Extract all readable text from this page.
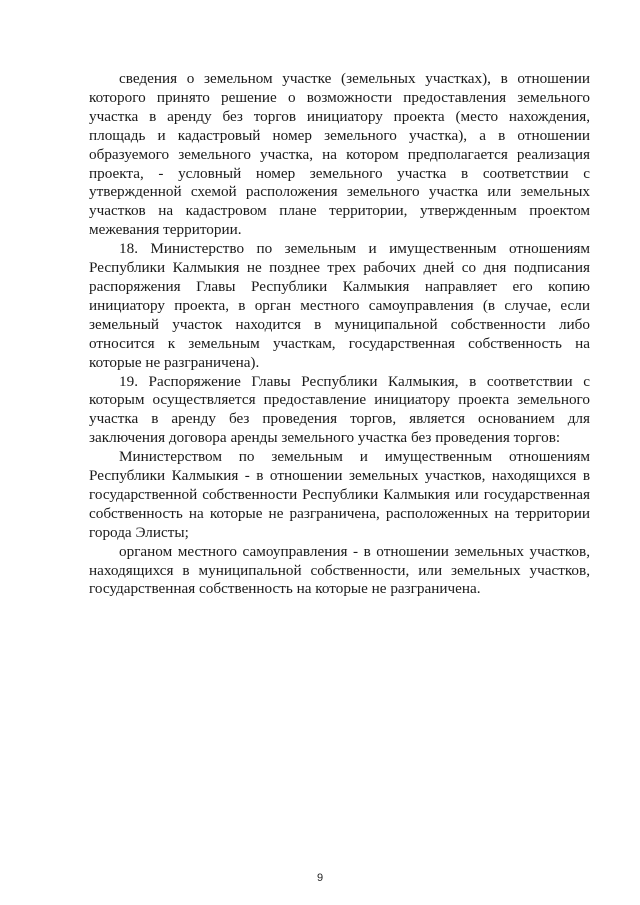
сведения о земельном участке (земельных участках), в отношении которого принято решение о возможности предоставления земельного участка в аренду без торгов инициатору проекта (место нахождения, площадь и кадастровый номер земельного участка), а в отношении образуемого земельного участка, на котором предполагается реализация проекта, - условный номер земельного участка в соответствии с утвержденной схемой расположения земельного участка или земельных участков на кадастровом плане территории, утвержденным проектом межевания территории.

18. Министерство по земельным и имущественным отношениям Республики Калмыкия не позднее трех рабочих дней со дня подписания распоряжения Главы Республики Калмыкия направляет его копию инициатору проекта, в орган местного самоуправления (в случае, если земельный участок находится в муниципальной собственности либо относится к земельным участкам, государственная собственность на которые не разграничена).

19. Распоряжение Главы Республики Калмыкия, в соответствии с которым осуществляется предоставление инициатору проекта земельного участка в аренду без проведения торгов, является основанием для заключения договора аренды земельного участка без проведения торгов:

Министерством по земельным и имущественным отношениям Республики Калмыкия - в отношении земельных участков, находящихся в государственной собственности Республики Калмыкия или государственная собственность на которые не разграничена, расположенных на территории города Элисты;

органом местного самоуправления - в отношении земельных участков, находящихся в муниципальной собственности, или земельных участков, государственная собственность на которые не разграничена.

9
